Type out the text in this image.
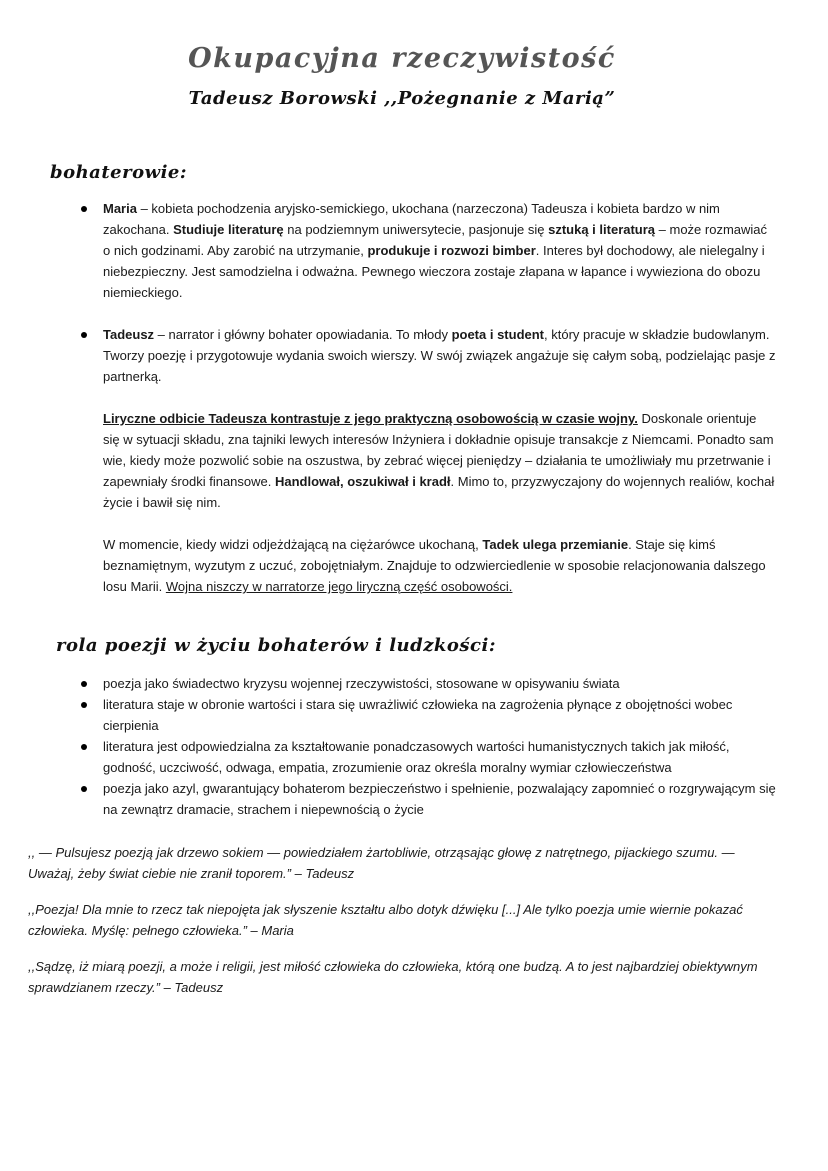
Okupacyjna rzeczywistość
Tadeusz Borowski ,,Pożegnanie z Marią”
bohaterowie:
Maria – kobieta pochodzenia aryjsko-semickiego, ukochana (narzeczona) Tadeusza i kobieta bardzo w nim zakochana. Studiuje literaturę na podziemnym uniwersytecie, pasjonuje się sztuką i literaturą – może rozmawiać o nich godzinami. Aby zarobić na utrzymanie, produkuje i rozwozi bimber. Interes był dochodowy, ale nielegalny i niebezpieczny. Jest samodzielna i odważna. Pewnego wieczora zostaje złapana w łapance i wywieziona do obozu niemieckiego.
Tadeusz – narrator i główny bohater opowiadania. To młody poeta i student, który pracuje w składzie budowlanym. Tworzy poezję i przygotowuje wydania swoich wierszy. W swój związek angażuje się całym sobą, podzielając pasje z partnerką.

Liryczne odbicie Tadeusza kontrastuje z jego praktyczną osobowością w czasie wojny. Doskonale orientuje się w sytuacji składu, zna tajniki lewych interesów Inżyniera i dokładnie opisuje transakcje z Niemcami. Ponadto sam wie, kiedy może pozwolić sobie na oszustwa, by zebrać więcej pieniędzy – działania te umożliwiały mu przetrwanie i zapewniały środki finansowe. Handlował, oszukiwał i kradł. Mimo to, przyzwyczajony do wojennych realiów, kochał życie i bawił się nim.

W momencie, kiedy widzi odjeżdżającą na ciężarówce ukochaną, Tadek ulega przemianie. Staje się kimś beznamiętnym, wyzutym z uczuć, zobojętniałym. Znajduje to odzwierciedlenie w sposobie relacjonowania dalszego losu Marii. Wojna niszczy w narratorze jego liryczną część osobowości.

rola poezji w życiu bohaterów i ludzkości:
poezja jako świadectwo kryzysu wojennej rzeczywistości, stosowane w opisywaniu świata
literatura staje w obronie wartości i stara się uwrażliwić człowieka na zagrożenia płynące z obojętności wobec cierpienia
literatura jest odpowiedzialna za kształtowanie ponadczasowych wartości humanistycznych takich jak miłość, godność, uczciwość, odwaga, empatia, zrozumienie oraz określa moralny wymiar człowieczeństwa
poezja jako azyl, gwarantujący bohaterom bezpieczeństwo i spełnienie, pozwalający zapomnieć o rozgrywającym się na zewnątrz dramacie, strachem i niepewnością o życie

,, — Pulsujesz poezją jak drzewo sokiem — powiedziałem żartobliwie, otrząsając głowę z natrętnego, pijackiego szumu. — Uważaj, żeby świat ciebie nie zranił toporem.” – Tadeusz

,,Poezja! Dla mnie to rzecz tak niepojęta jak słyszenie kształtu albo dotyk dźwięku [...] Ale tylko poezja umie wiernie pokazać człowieka. Myślę: pełnego człowieka.” – Maria

,,Sądzę, iż miarą poezji, a może i religii, jest miłość człowieka do człowieka, którą one budzą. A to jest najbardziej obiektywnym sprawdzianem rzeczy.” – Tadeusz
